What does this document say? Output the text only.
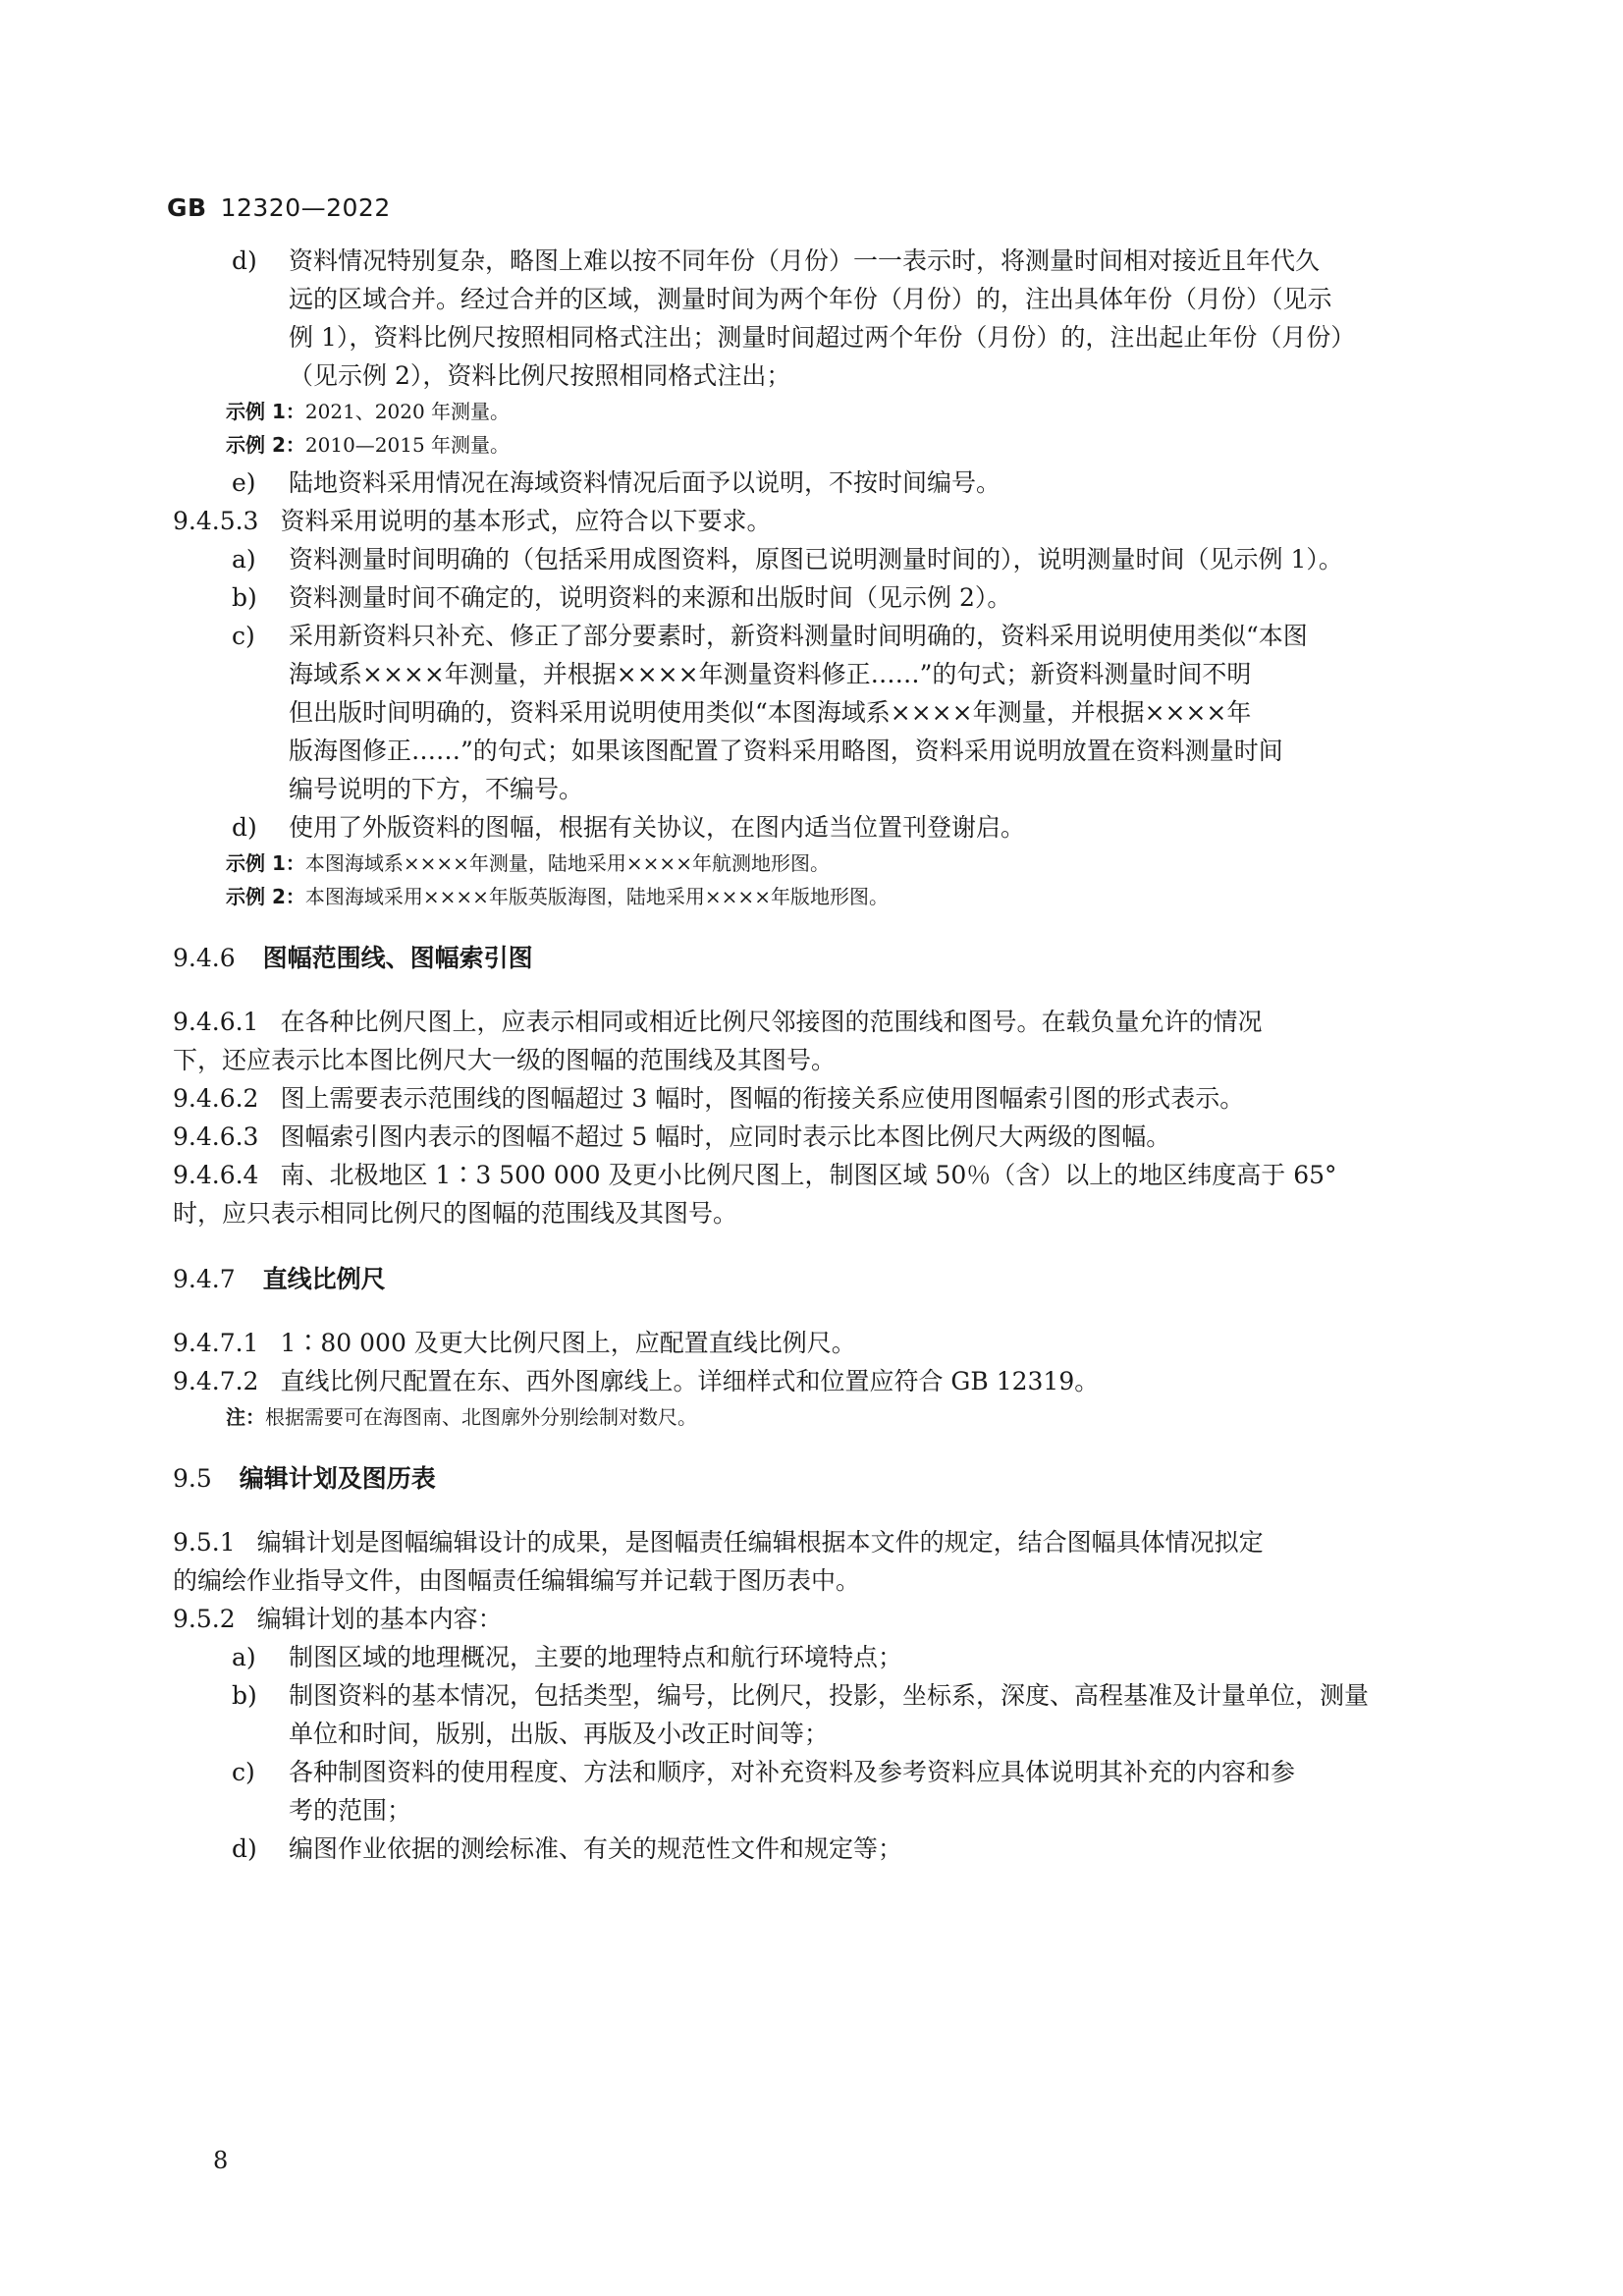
GB 12320—2022
d) 资料情况特别复杂，略图上难以按不同年份（月份）一一表示时，将测量时间相对接近且年代久
远的区域合并。经过合并的区域，测量时间为两个年份（月份）的，注出具体年份（月份）（见示
例 1），资料比例尺按照相同格式注出；测量时间超过两个年份（月份）的，注出起止年份（月份）
（见示例 2），资料比例尺按照相同格式注出；
示例 1：2021、2020 年测量。
示例 2：2010—2015 年测量。
e) 陆地资料采用情况在海域资料情况后面予以说明，不按时间编号。
9.4.5.3 资料采用说明的基本形式，应符合以下要求。
a) 资料测量时间明确的（包括采用成图资料，原图已说明测量时间的），说明测量时间（见示例 1）。
b) 资料测量时间不确定的，说明资料的来源和出版时间（见示例 2）。
c) 采用新资料只补充、修正了部分要素时，新资料测量时间明确的，资料采用说明使用类似“本图
海域系××××年测量，并根据××××年测量资料修正……”的句式；新资料测量时间不明
但出版时间明确的，资料采用说明使用类似“本图海域系××××年测量，并根据××××年
版海图修正……”的句式；如果该图配置了资料采用略图，资料采用说明放置在资料测量时间
编号说明的下方，不编号。
d) 使用了外版资料的图幅，根据有关协议，在图内适当位置刊登谢启。
示例 1：本图海域系××××年测量，陆地采用××××年航测地形图。
示例 2：本图海域采用××××年版英版海图，陆地采用××××年版地形图。
9.4.6 图幅范围线、图幅索引图
9.4.6.1 在各种比例尺图上，应表示相同或相近比例尺邻接图的范围线和图号。在载负量允许的情况
下，还应表示比本图比例尺大一级的图幅的范围线及其图号。
9.4.6.2 图上需要表示范围线的图幅超过 3 幅时，图幅的衔接关系应使用图幅索引图的形式表示。
9.4.6.3 图幅索引图内表示的图幅不超过 5 幅时，应同时表示比本图比例尺大两级的图幅。
9.4.6.4 南、北极地区 1∶3 500 000 及更小比例尺图上，制图区域 50％（含）以上的地区纬度高于 65°
时，应只表示相同比例尺的图幅的范围线及其图号。
9.4.7 直线比例尺
9.4.7.1 1∶80 000 及更大比例尺图上，应配置直线比例尺。
9.4.7.2 直线比例尺配置在东、西外图廓线上。详细样式和位置应符合 GB 12319。
注：根据需要可在海图南、北图廓外分别绘制对数尺。
9.5 编辑计划及图历表
9.5.1 编辑计划是图幅编辑设计的成果，是图幅责任编辑根据本文件的规定，结合图幅具体情况拟定
的编绘作业指导文件，由图幅责任编辑编写并记载于图历表中。
9.5.2 编辑计划的基本内容：
a) 制图区域的地理概况，主要的地理特点和航行环境特点；
b) 制图资料的基本情况，包括类型，编号，比例尺，投影，坐标系，深度、高程基准及计量单位，测量
单位和时间，版别，出版、再版及小改正时间等；
c) 各种制图资料的使用程度、方法和顺序，对补充资料及参考资料应具体说明其补充的内容和参
考的范围；
d) 编图作业依据的测绘标准、有关的规范性文件和规定等；
8
